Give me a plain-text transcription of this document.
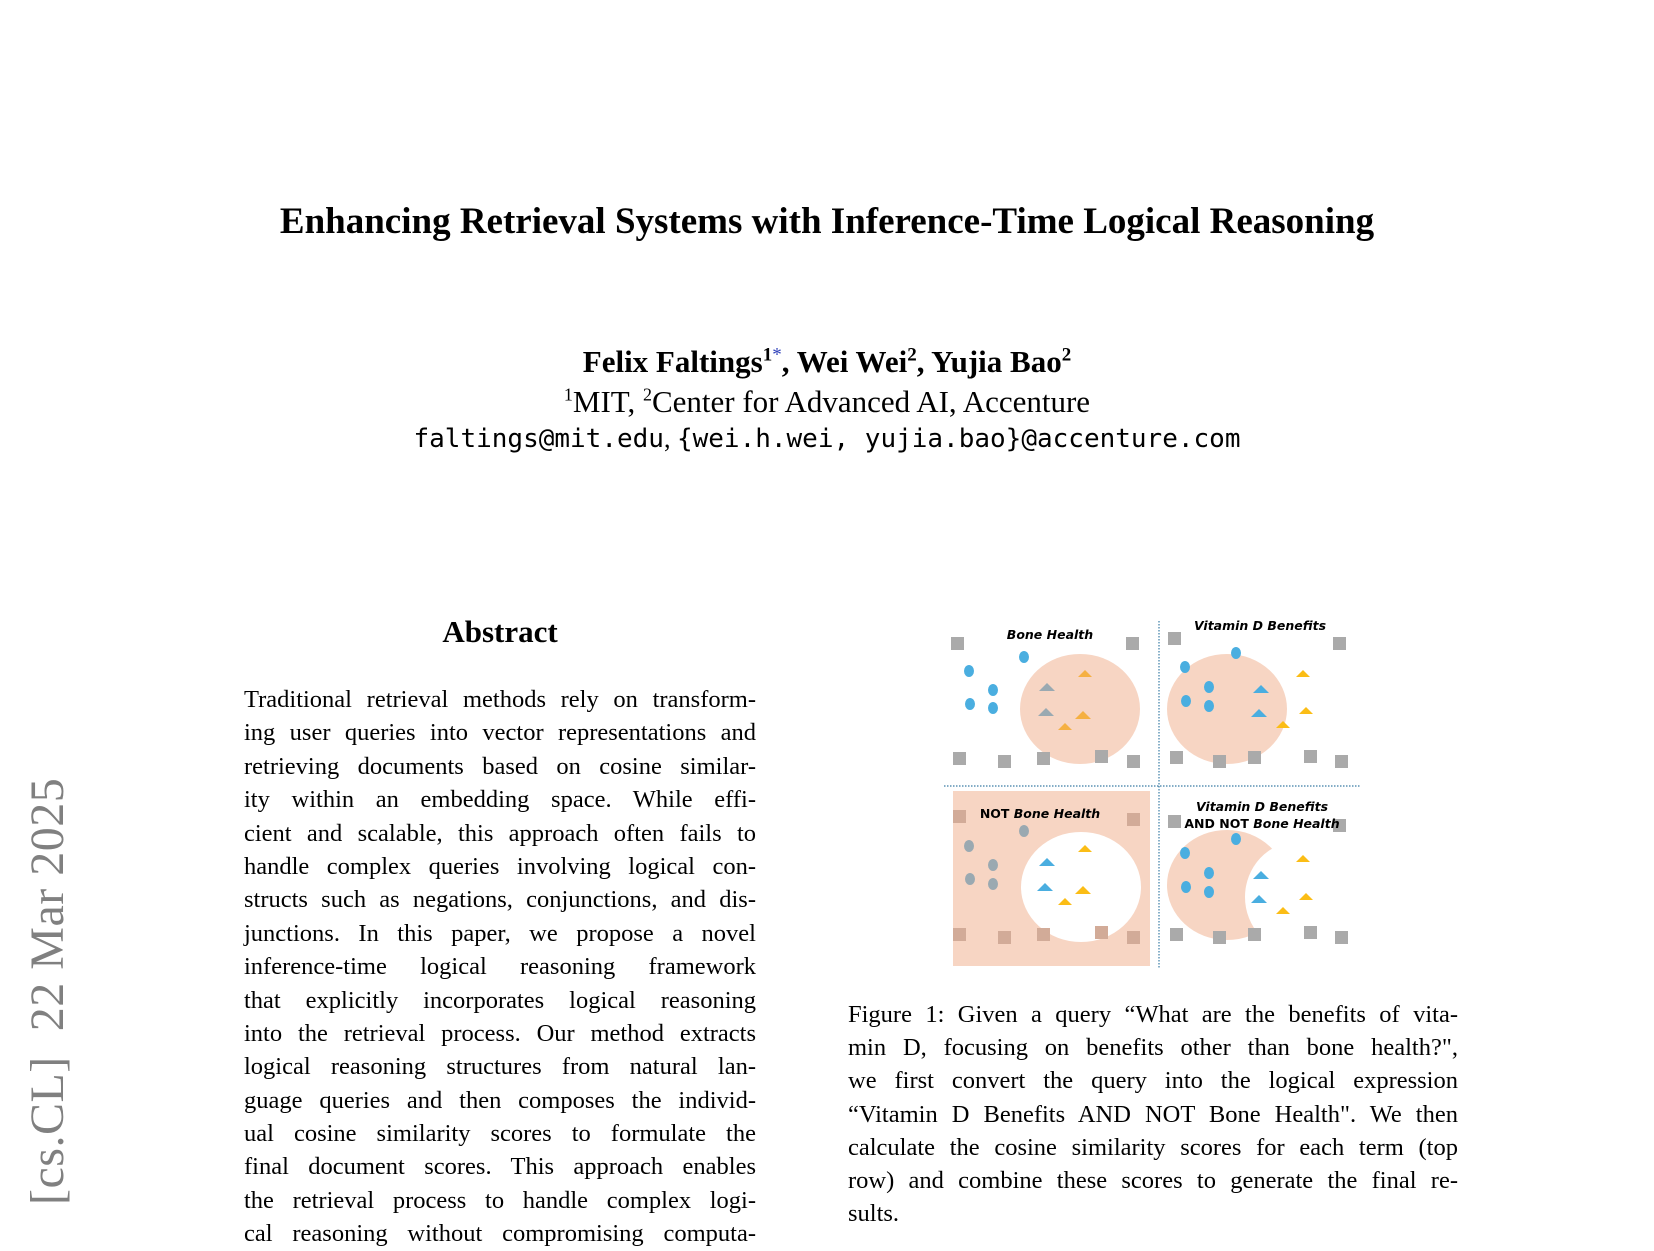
[cs.CL]  22 Mar 2025
Enhancing Retrieval Systems with Inference-Time Logical Reasoning
Felix Faltings$^{1*}$, Wei Wei$^2$, Yujia Bao$^2$
$^1$MIT, $^2$Center for Advanced AI, Accenture
faltings@mit.edu, {wei.h.wei, yujia.bao}@accenture.com
Abstract
Traditional retrieval methods rely on transform-
ing user queries into vector representations and
retrieving documents based on cosine similar-
ity within an embedding space. While effi-
cient and scalable, this approach often fails to
handle complex queries involving logical con-
structs such as negations, conjunctions, and dis-
junctions. In this paper, we propose a novel
inference-time logical reasoning framework
that explicitly incorporates logical reasoning
into the retrieval process. Our method extracts
logical reasoning structures from natural lan-
guage queries and then composes the individ-
ual cosine similarity scores to formulate the
final document scores. This approach enables
the retrieval process to handle complex logi-
cal reasoning without compromising computa-
Bone Health
Vitamin D Benefits
NOT Bone Health	Vitamin D Benefits
AND NOT Bone Health
Figure 1: Given a query “What are the benefits of vita-
min D, focusing on benefits other than bone health?",
we first convert the query into the logical expression
“Vitamin D Benefits AND NOT Bone Health". We then
calculate the cosine similarity scores for each term (top
row) and combine these scores to generate the final re-
sults.
